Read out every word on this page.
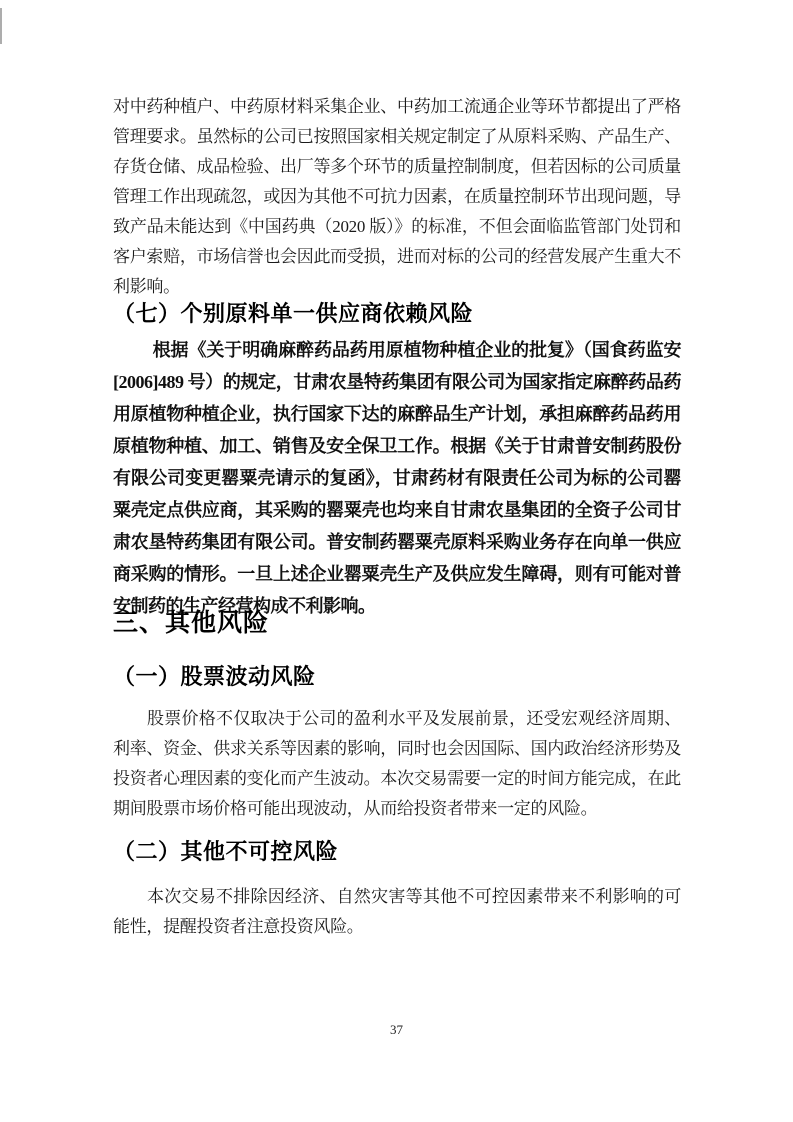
对中药种植户、中药原材料采集企业、中药加工流通企业等环节都提出了严格管理要求。虽然标的公司已按照国家相关规定制定了从原料采购、产品生产、存货仓储、成品检验、出厂等多个环节的质量控制制度，但若因标的公司质量管理工作出现疏忽，或因为其他不可抗力因素，在质量控制环节出现问题，导致产品未能达到《中国药典（2020 版）》的标准，不但会面临监管部门处罚和客户索赔，市场信誉也会因此而受损，进而对标的公司的经营发展产生重大不利影响。

（七）个别原料单一供应商依赖风险

根据《关于明确麻醉药品药用原植物种植企业的批复》（国食药监安[2006]489 号）的规定，甘肃农垦特药集团有限公司为国家指定麻醉药品药用原植物种植企业，执行国家下达的麻醉品生产计划，承担麻醉药品药用原植物种植、加工、销售及安全保卫工作。根据《关于甘肃普安制药股份有限公司变更罂粟壳请示的复函》，甘肃药材有限责任公司为标的公司罂粟壳定点供应商，其采购的罂粟壳也均来自甘肃农垦集团的全资子公司甘肃农垦特药集团有限公司。普安制药罂粟壳原料采购业务存在向单一供应商采购的情形。一旦上述企业罂粟壳生产及供应发生障碍，则有可能对普安制药的生产经营构成不利影响。

三、其他风险
（一）股票波动风险

股票价格不仅取决于公司的盈利水平及发展前景，还受宏观经济周期、利率、资金、供求关系等因素的影响，同时也会因国际、国内政治经济形势及投资者心理因素的变化而产生波动。本次交易需要一定的时间方能完成，在此期间股票市场价格可能出现波动，从而给投资者带来一定的风险。

（二）其他不可控风险

本次交易不排除因经济、自然灾害等其他不可控因素带来不利影响的可能性，提醒投资者注意投资风险。

37
